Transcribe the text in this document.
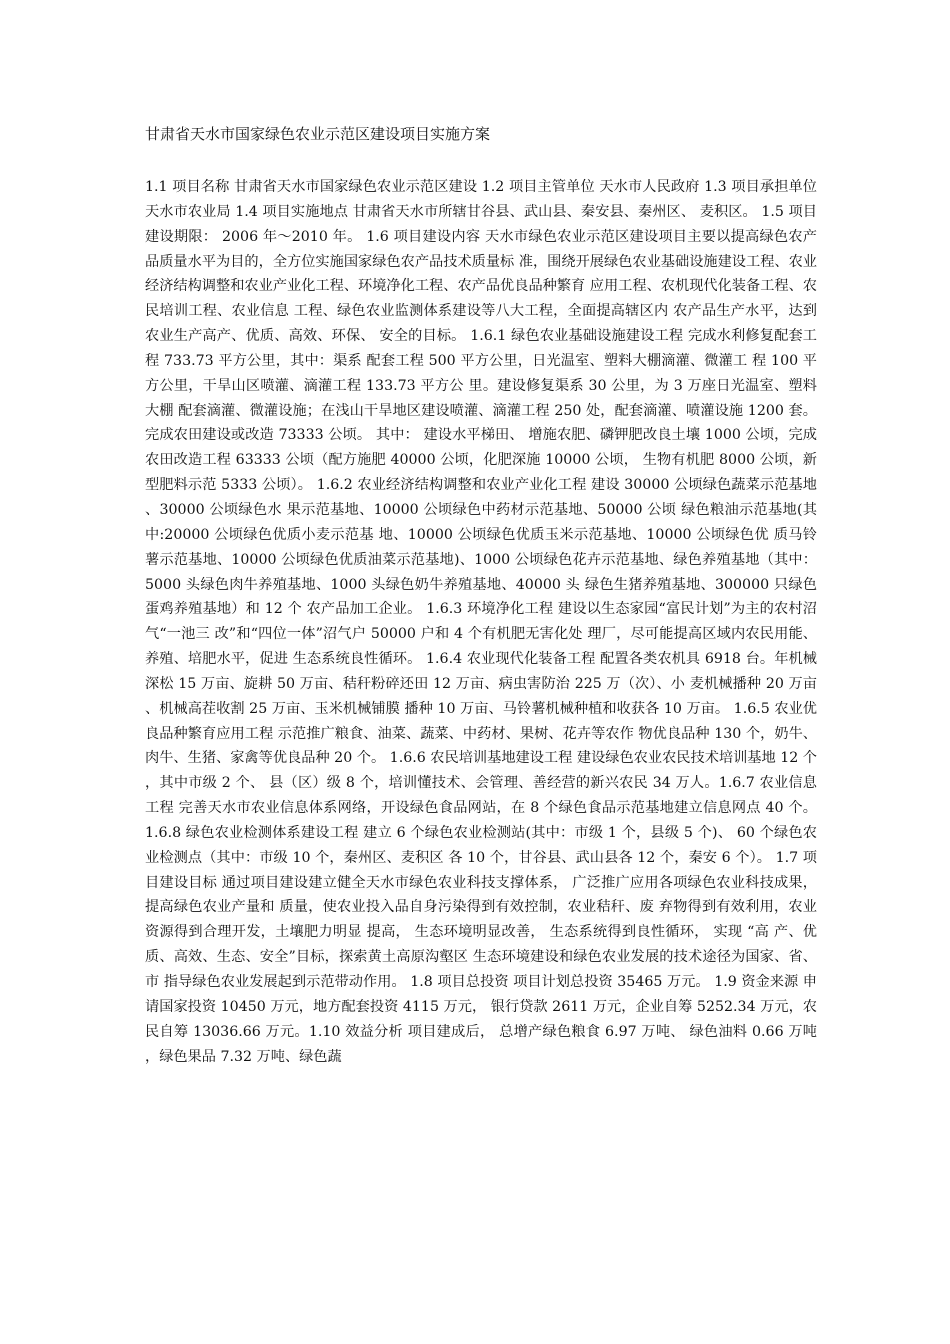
甘肃省天水市国家绿色农业示范区建设项目实施方案

1.1 项目名称 甘肃省天水市国家绿色农业示范区建设 1.2 项目主管单位 天水市人民政府 1.3 项目承担单位 天水市农业局 1.4 项目实施地点 甘肃省天水市所辖甘谷县、武山县、秦安县、秦州区、 麦积区。 1.5 项目建设期限： 2006 年～2010 年。 1.6 项目建设内容 天水市绿色农业示范区建设项目主要以提高绿色农产 品质量水平为目的，全方位实施国家绿色农产品技术质量标 准，围绕开展绿色农业基础设施建设工程、农业经济结构调整和农业产业化工程、环境净化工程、农产品优良品种繁育 应用工程、农机现代化装备工程、农民培训工程、农业信息 工程、绿色农业监测体系建设等八大工程，全面提高辖区内 农产品生产水平，达到农业生产高产、优质、高效、环保、 安全的目标。 1.6.1 绿色农业基础设施建设工程 完成水利修复配套工程 733.73 平方公里，其中：渠系 配套工程 500 平方公里，日光温室、塑料大棚滴灌、微灌工 程 100 平方公里，干旱山区喷灌、滴灌工程 133.73 平方公 里。建设修复渠系 30 公里，为 3 万座日光温室、塑料大棚 配套滴灌、微灌设施；在浅山干旱地区建设喷灌、滴灌工程 250 处，配套滴灌、喷灌设施 1200 套。 完成农田建设或改造 73333 公顷。 其中： 建设水平梯田、 增施农肥、磷钾肥改良土壤 1000 公顷，完成农田改造工程 63333 公顷（配方施肥 40000 公顷，化肥深施 10000 公顷， 生物有机肥 8000 公顷，新型肥料示范 5333 公顷）。 1.6.2 农业经济结构调整和农业产业化工程 建设 30000 公顷绿色蔬菜示范基地、30000 公顷绿色水 果示范基地、10000 公顷绿色中药材示范基地、50000 公顷 绿色粮油示范基地(其中:20000 公顷绿色优质小麦示范基 地、10000 公顷绿色优质玉米示范基地、10000 公顷绿色优 质马铃薯示范基地、10000 公顷绿色优质油菜示范基地)、1000 公顷绿色花卉示范基地、绿色养殖基地（其中：5000 头绿色肉牛养殖基地、1000 头绿色奶牛养殖基地、40000 头 绿色生猪养殖基地、300000 只绿色蛋鸡养殖基地）和 12 个 农产品加工企业。 1.6.3 环境净化工程 建设以生态家园“富民计划”为主的农村沼气“一池三 改”和“四位一体”沼气户 50000 户和 4 个有机肥无害化处 理厂，尽可能提高区域内农民用能、养殖、培肥水平，促进 生态系统良性循环。 1.6.4 农业现代化装备工程 配置各类农机具 6918 台。年机械深松 15 万亩、旋耕 50 万亩、秸秆粉碎还田 12 万亩、病虫害防治 225 万（次）、小 麦机械播种 20 万亩、机械高茬收割 25 万亩、玉米机械铺膜 播种 10 万亩、马铃薯机械种植和收获各 10 万亩。 1.6.5 农业优良品种繁育应用工程 示范推广粮食、油菜、蔬菜、中药材、果树、花卉等农作 物优良品种 130 个，奶牛、肉牛、生猪、家禽等优良品种 20 个。 1.6.6 农民培训基地建设工程 建设绿色农业农民技术培训基地 12 个，其中市级 2 个、 县（区）级 8 个，培训懂技术、会管理、善经营的新兴农民 34 万人。1.6.7 农业信息工程 完善天水市农业信息体系网络，开设绿色食品网站，在 8 个绿色食品示范基地建立信息网点 40 个。 1.6.8 绿色农业检测体系建设工程 建立 6 个绿色农业检测站(其中：市级 1 个，县级 5 个)、 60 个绿色农业检测点（其中：市级 10 个，秦州区、麦积区 各 10 个，甘谷县、武山县各 12 个，秦安 6 个）。 1.7 项目建设目标 通过项目建设建立健全天水市绿色农业科技支撑体系， 广泛推广应用各项绿色农业科技成果，提高绿色农业产量和 质量，使农业投入品自身污染得到有效控制，农业秸秆、废 弃物得到有效利用，农业资源得到合理开发，土壤肥力明显 提高， 生态环境明显改善， 生态系统得到良性循环， 实现 “高 产、优质、高效、生态、安全”目标，探索黄土高原沟壑区 生态环境建设和绿色农业发展的技术途径为国家、省、市 指导绿色农业发展起到示范带动作用。 1.8 项目总投资 项目计划总投资 35465 万元。 1.9 资金来源 申请国家投资 10450 万元，地方配套投资 4115 万元， 银行贷款 2611 万元，企业自筹 5252.34 万元，农民自筹 13036.66 万元。1.10 效益分析 项目建成后， 总增产绿色粮食 6.97 万吨、 绿色油料 0.66 万吨，绿色果品 7.32 万吨、绿色蔬
